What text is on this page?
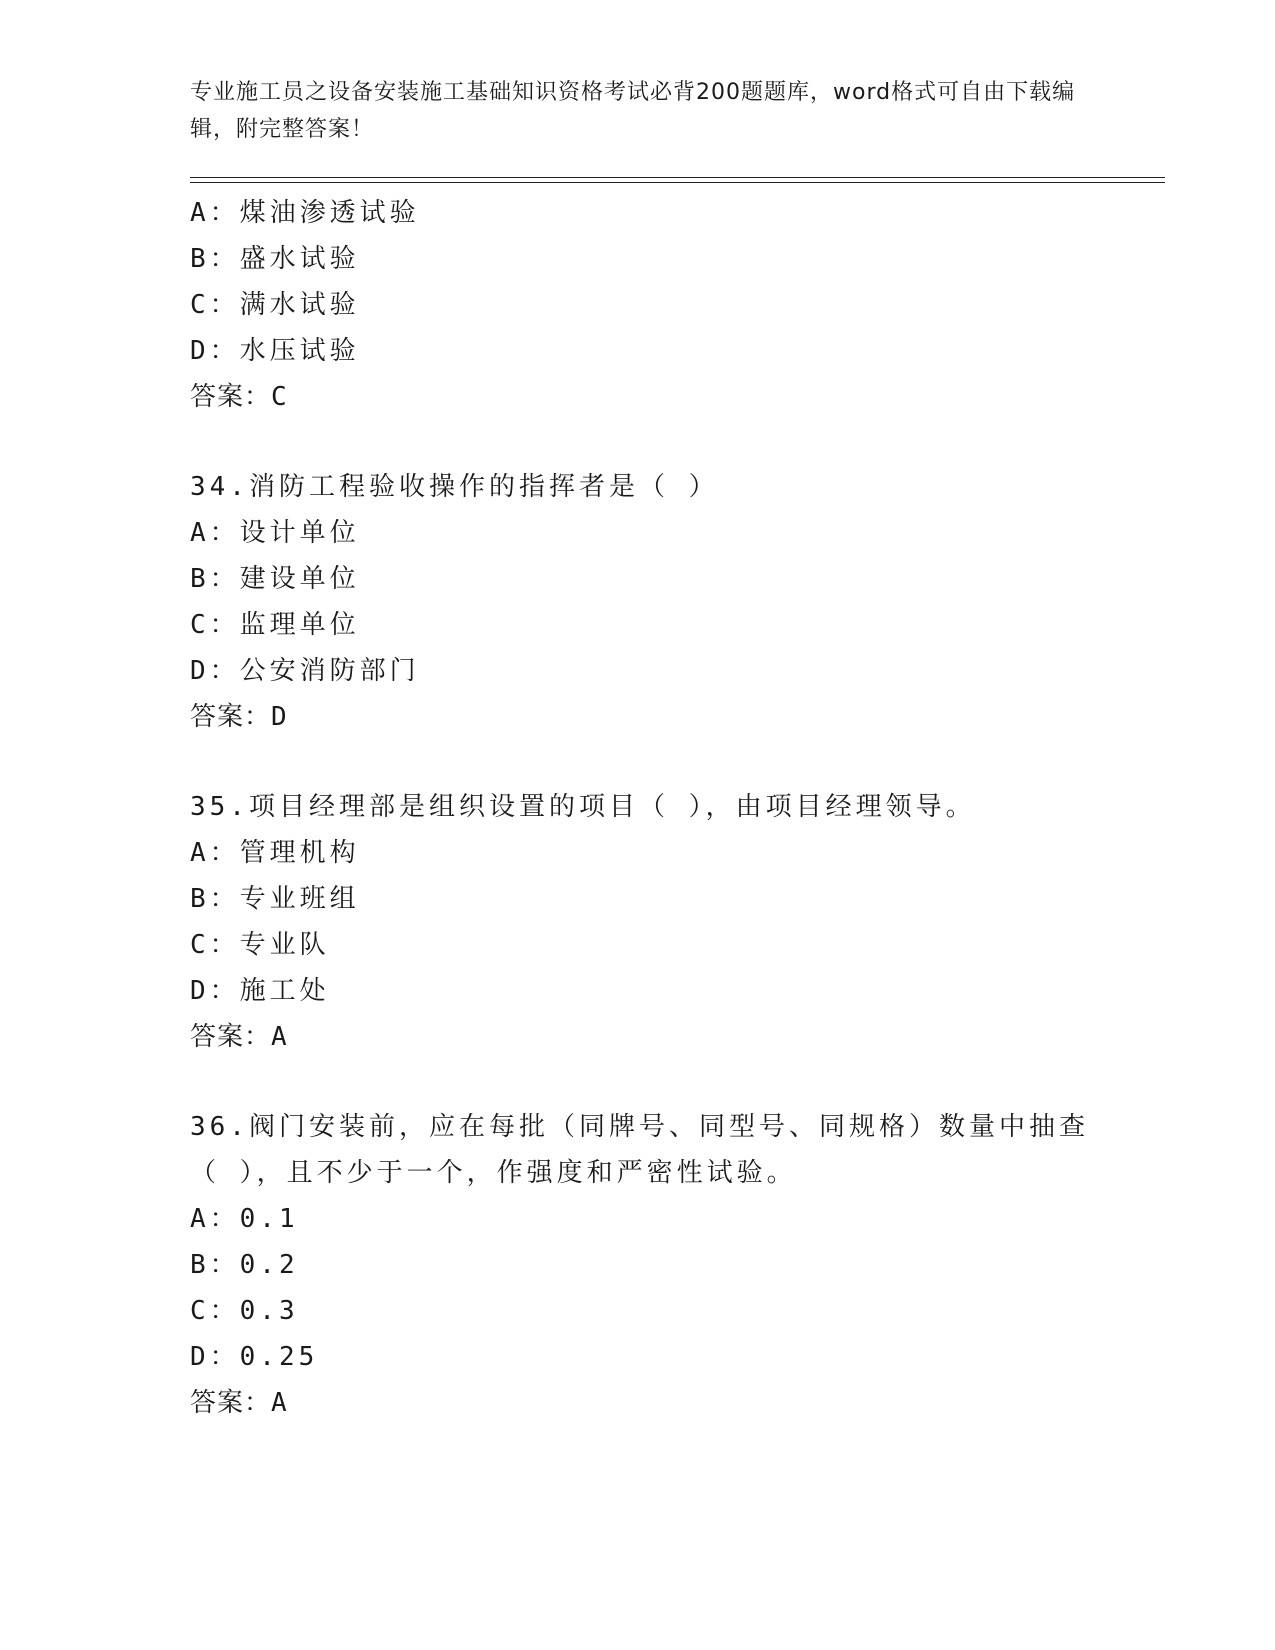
专业施工员之设备安装施工基础知识资格考试必背200题题库，word格式可自由下载编辑，附完整答案！
A：煤油渗透试验
B：盛水试验
C：满水试验
D：水压试验
答案：C
34.消防工程验收操作的指挥者是（ ）
A：设计单位
B：建设单位
C：监理单位
D：公安消防部门
答案：D
35.项目经理部是组织设置的项目（ ），由项目经理领导。
A：管理机构
B：专业班组
C：专业队
D：施工处
答案：A
36.阀门安装前，应在每批（同牌号、同型号、同规格）数量中抽查（ ），且不少于一个，作强度和严密性试验。
A：0.1
B：0.2
C：0.3
D：0.25
答案：A
